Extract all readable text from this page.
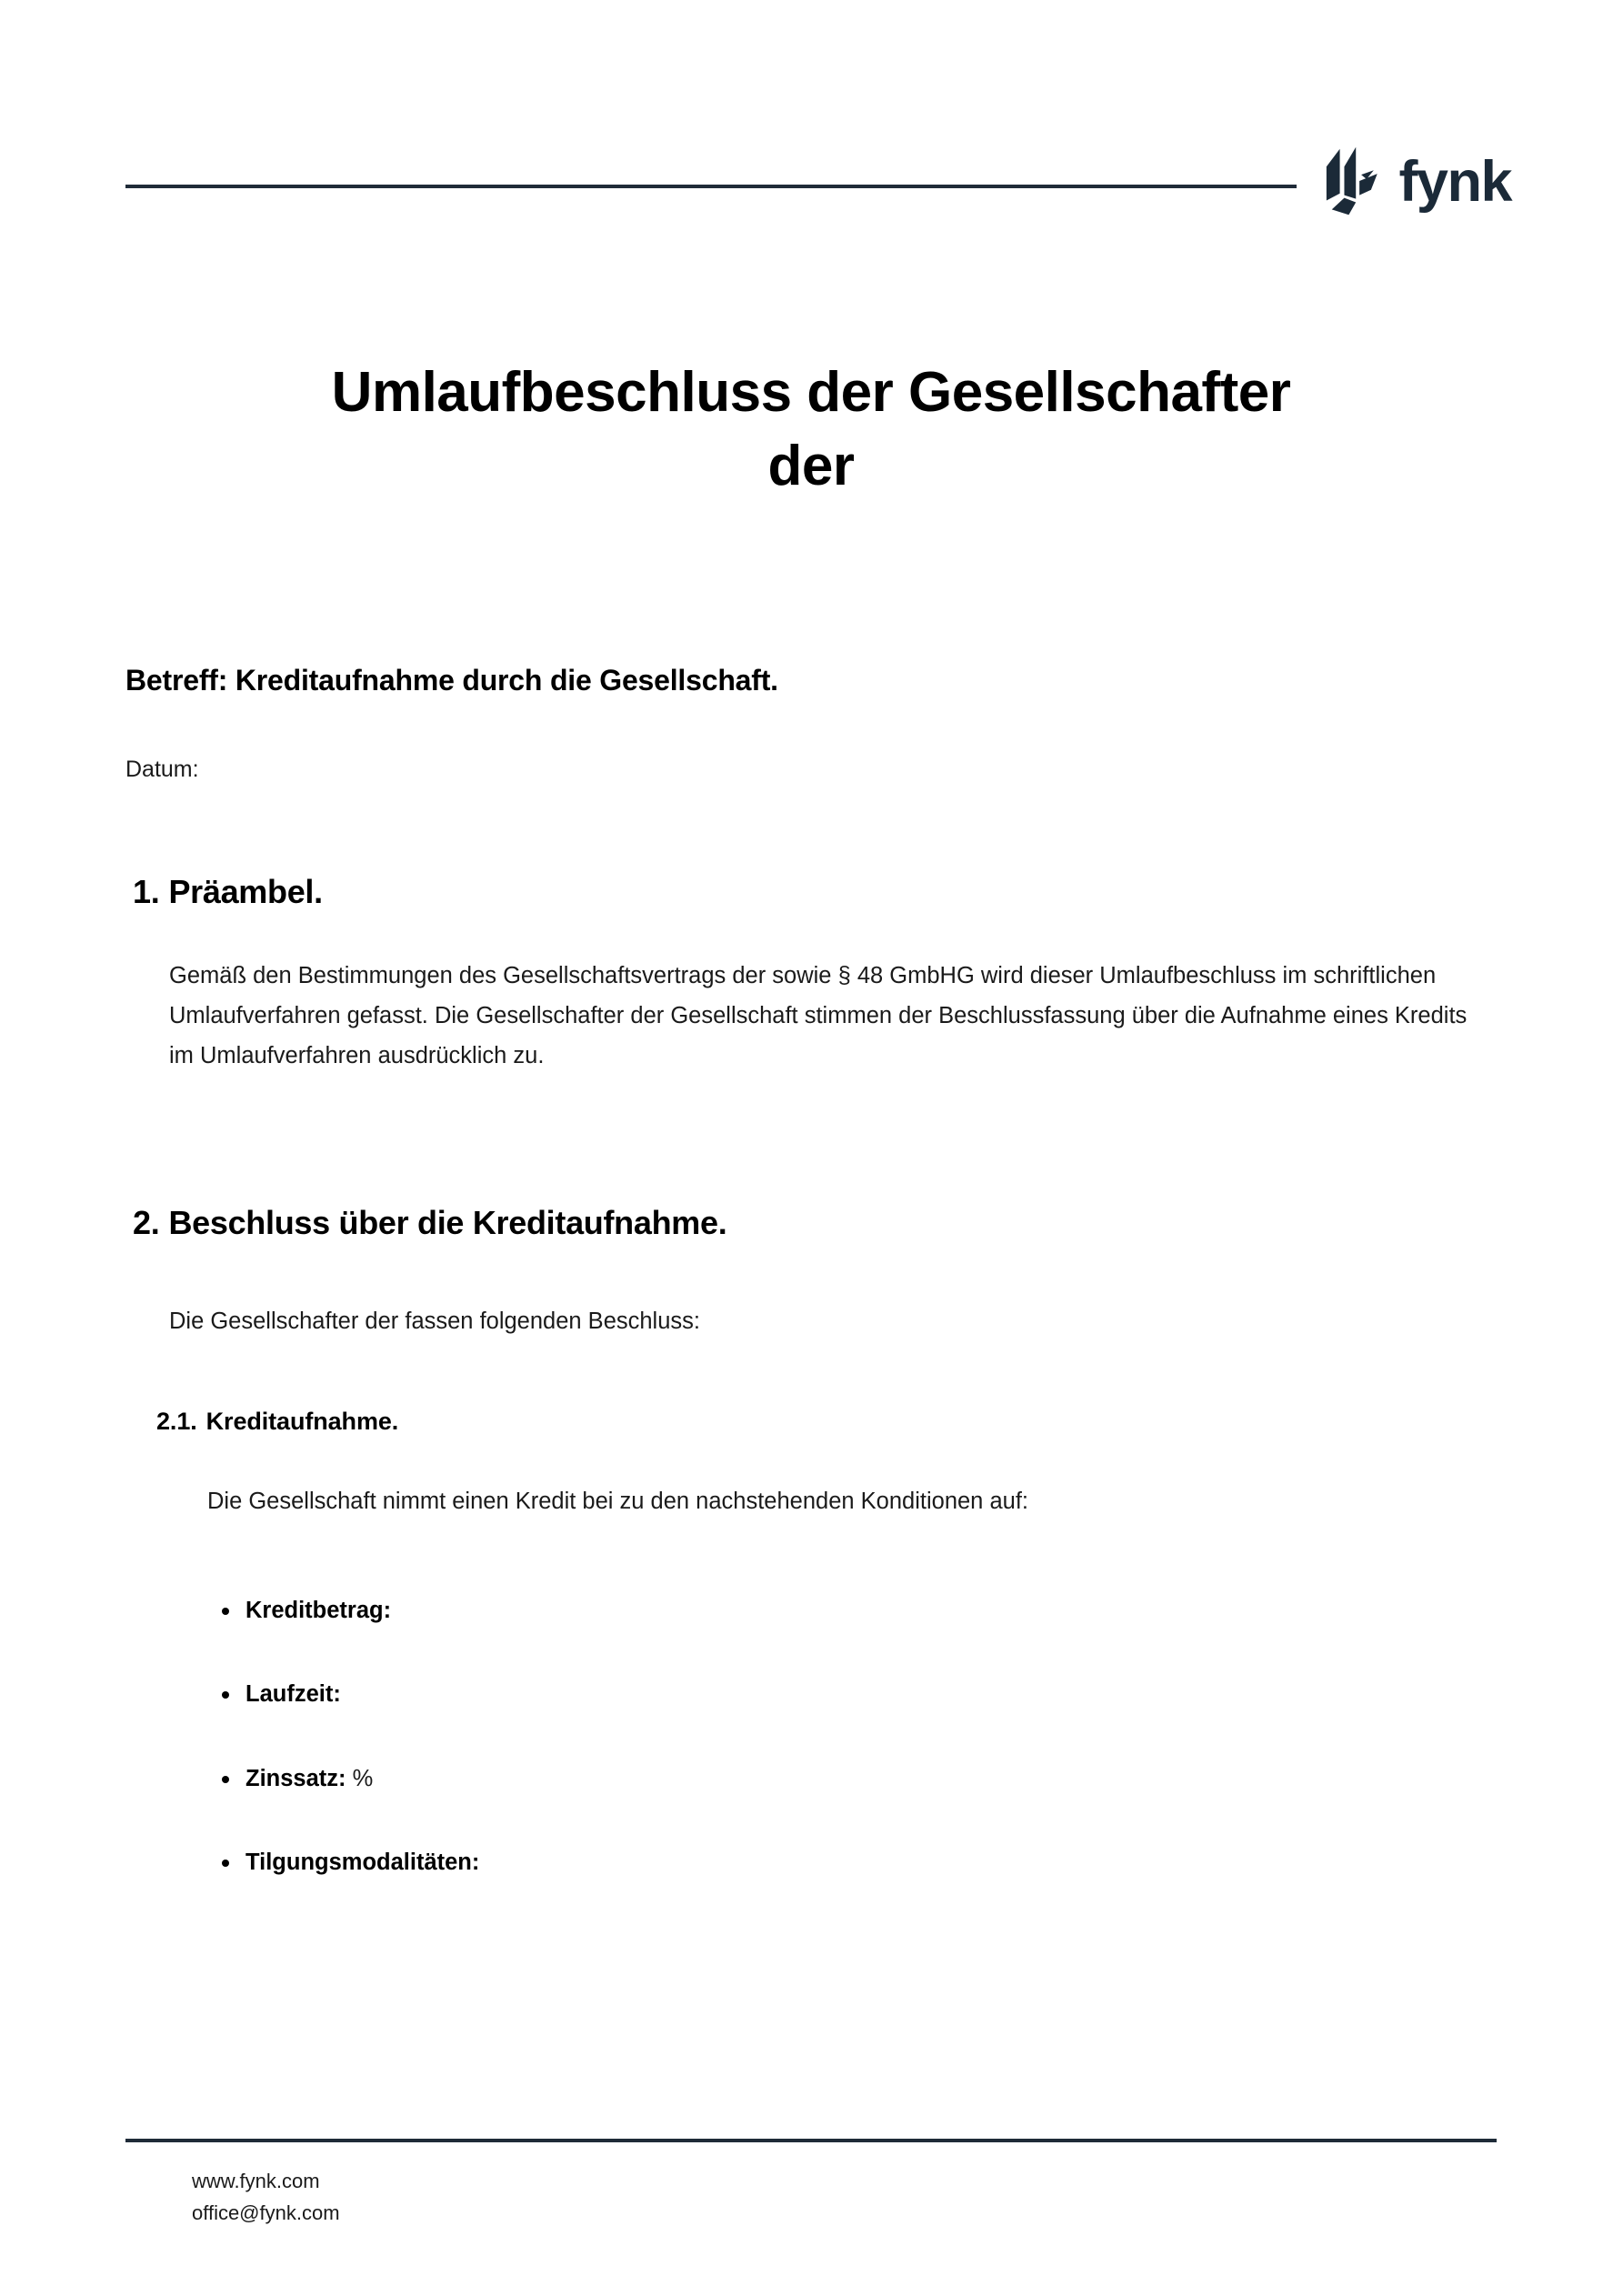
fynk
Umlaufbeschluss der Gesellschafter
der
Betreff: Kreditaufnahme durch die Gesellschaft.
Datum:
1. Präambel.
Gemäß den Bestimmungen des Gesellschaftsvertrags der sowie § 48 GmbHG wird dieser Umlaufbeschluss im schriftlichen Umlaufverfahren gefasst. Die Gesellschafter der Gesellschaft stimmen der Beschlussfassung über die Aufnahme eines Kredits im Umlaufverfahren ausdrücklich zu.
2. Beschluss über die Kreditaufnahme.
Die Gesellschafter der fassen folgenden Beschluss:
2.1. Kreditaufnahme.
Die Gesellschaft nimmt einen Kredit bei zu den nachstehenden Konditionen auf:
Kreditbetrag:
Laufzeit:
Zinssatz: %
Tilgungsmodalitäten:
www.fynk.com
office@fynk.com
